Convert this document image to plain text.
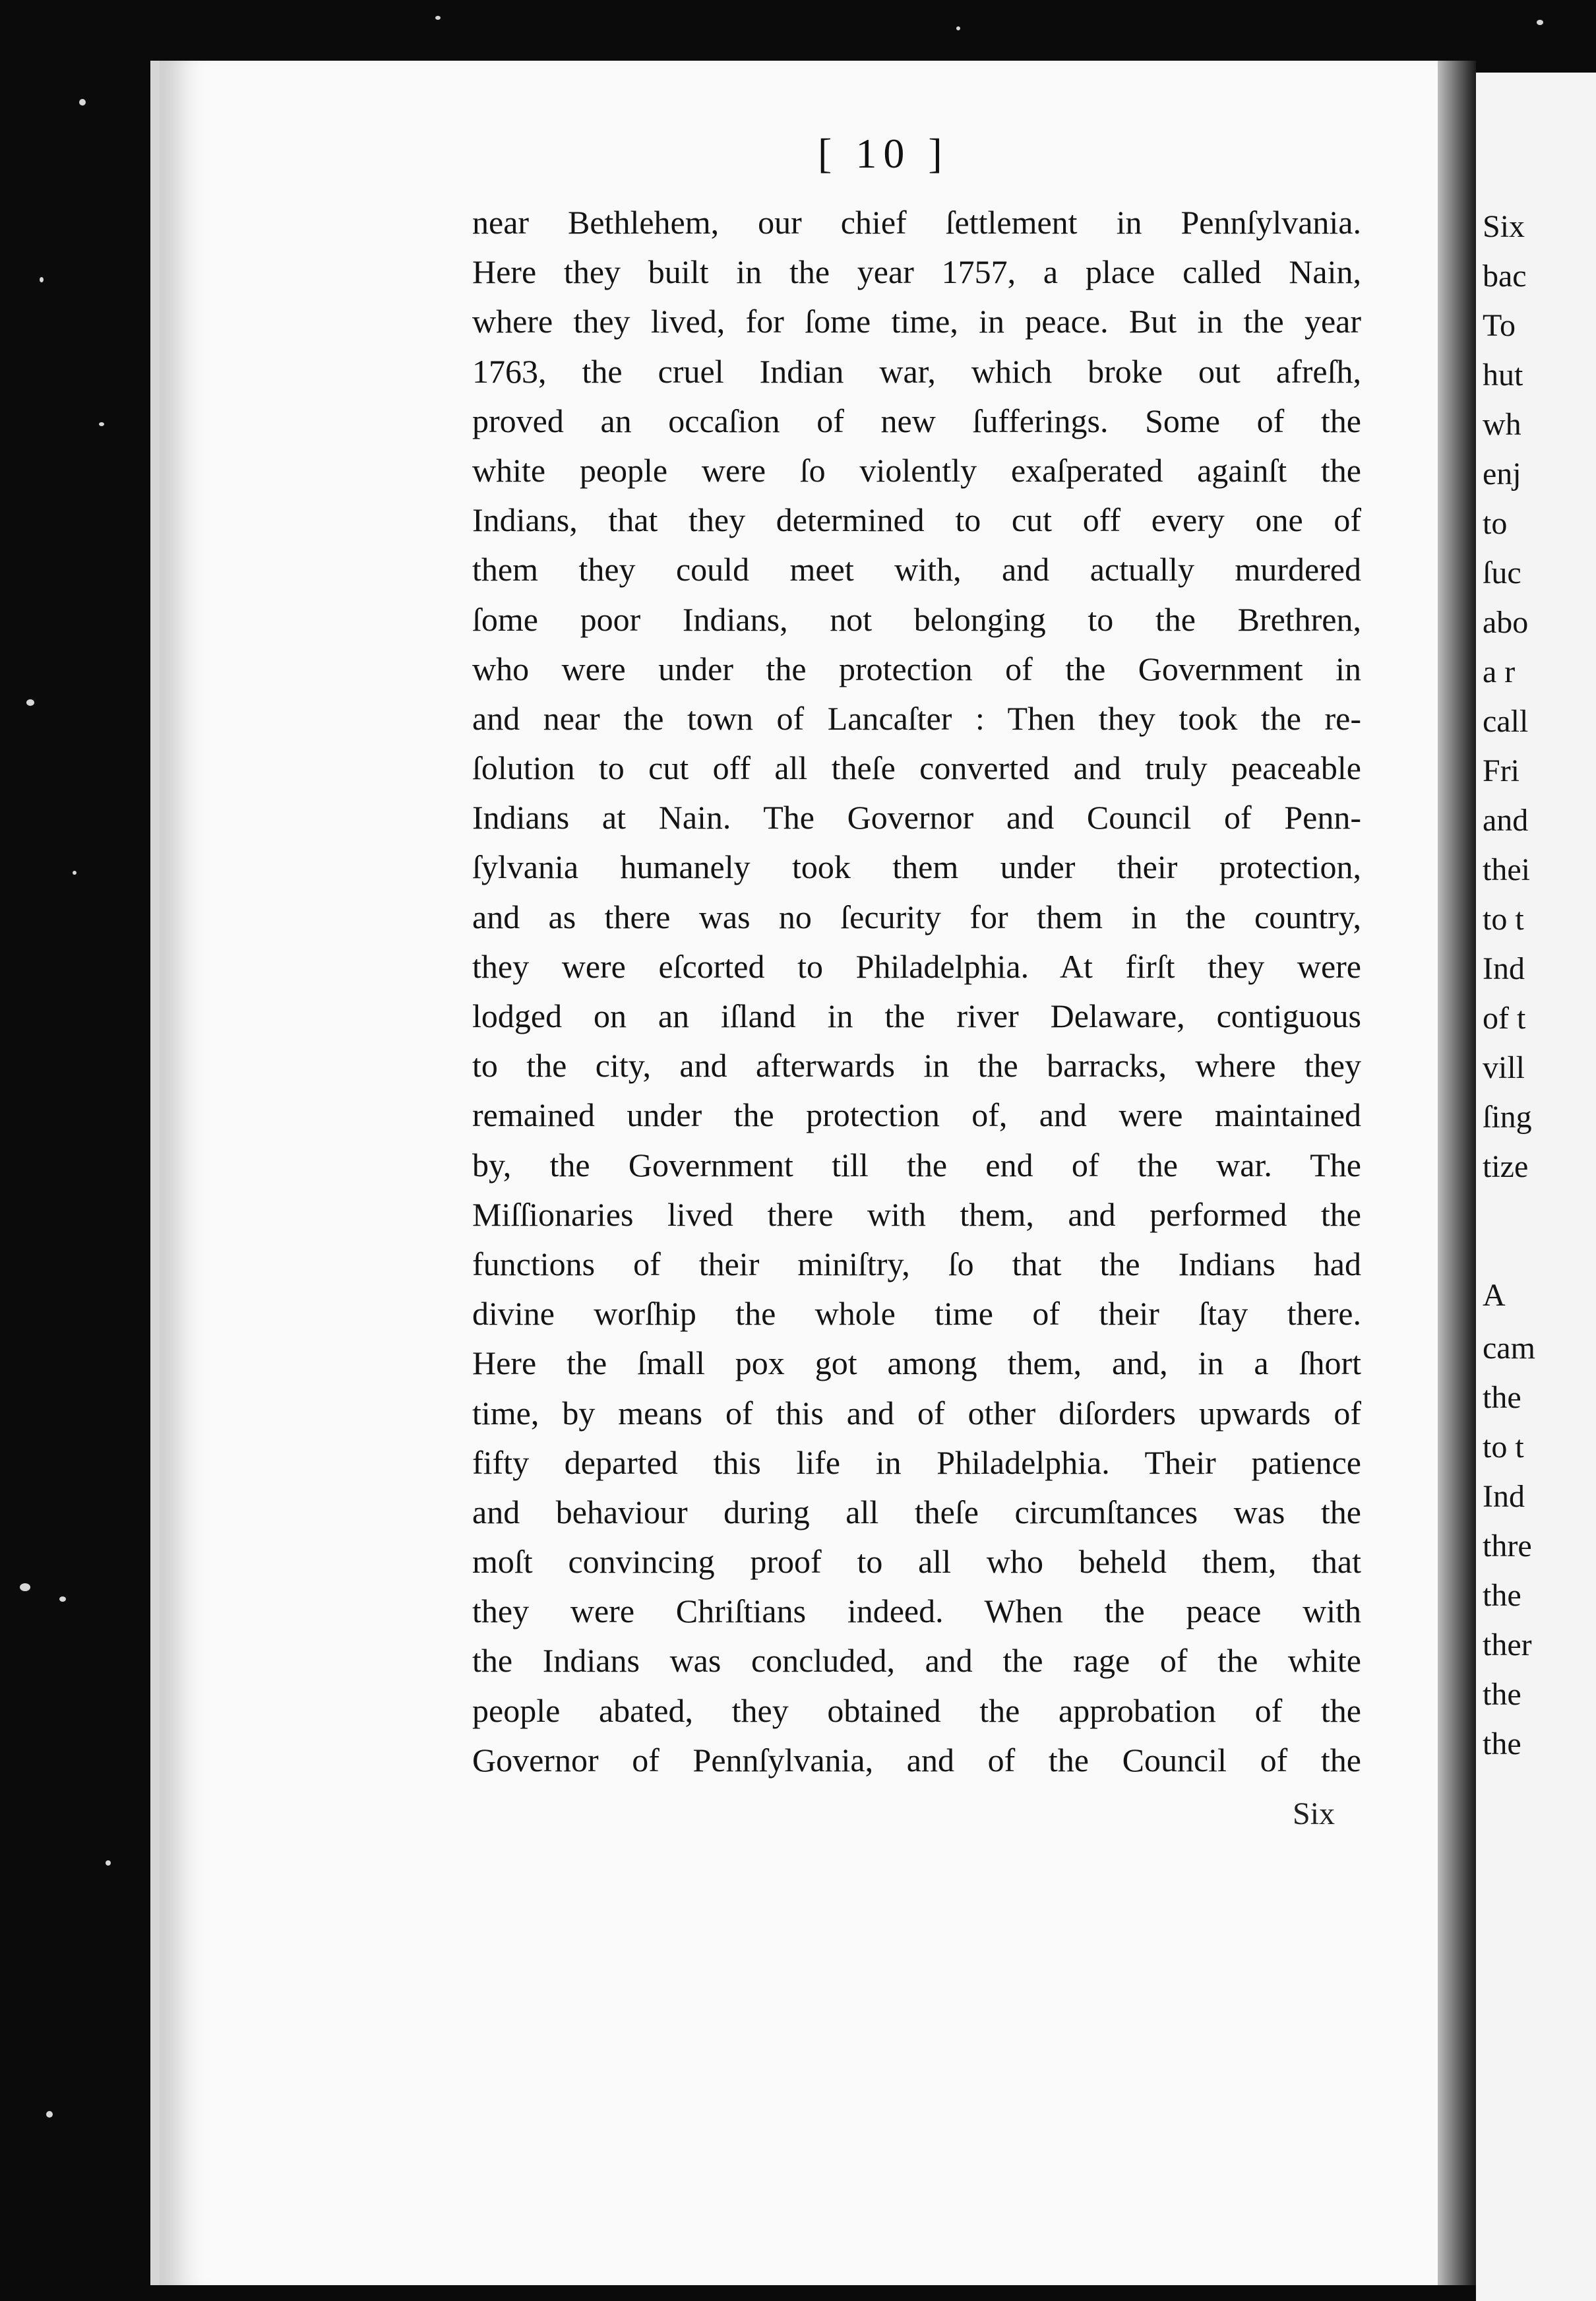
Six
bac
To
hut
wh
enj
to
ſuc
abo
a r
call
Fri
and
thei
to t
Ind
of t
vill
ſing
tize
A
cam
the
to t
Ind
thre
the
ther
the
the
[ 10 ]
near Bethlehem, our chief ſettlement in Pennſylvania.
Here they built in the year 1757, a place called Nain,
where they lived, for ſome time, in peace. But in the year
1763, the cruel Indian war, which broke out afreſh,
proved an occaſion of new ſufferings. Some of the
white people were ſo violently exaſperated againſt the
Indians, that they determined to cut off every one of
them they could meet with, and actually murdered
ſome poor Indians, not belonging to the Brethren,
who were under the protection of the Government in
and near the town of Lancaſter : Then they took the re-
ſolution to cut off all theſe converted and truly peaceable
Indians at Nain. The Governor and Council of Penn-
ſylvania humanely took them under their protection,
and as there was no ſecurity for them in the country,
they were eſcorted to Philadelphia. At firſt they were
lodged on an iſland in the river Delaware, contiguous
to the city, and afterwards in the barracks, where they
remained under the protection of, and were maintained
by, the Government till the end of the war. The
Miſſionaries lived there with them, and performed the
functions of their miniſtry, ſo that the Indians had
divine worſhip the whole time of their ſtay there.
Here the ſmall pox got among them, and, in a ſhort
time, by means of this and of other diſorders upwards of
fifty departed this life in Philadelphia. Their patience
and behaviour during all theſe circumſtances was the
moſt convincing proof to all who beheld them, that
they were Chriſtians indeed. When the peace with
the Indians was concluded, and the rage of the white
people abated, they obtained the approbation of the
Governor of Pennſylvania, and of the Council of the
Six
